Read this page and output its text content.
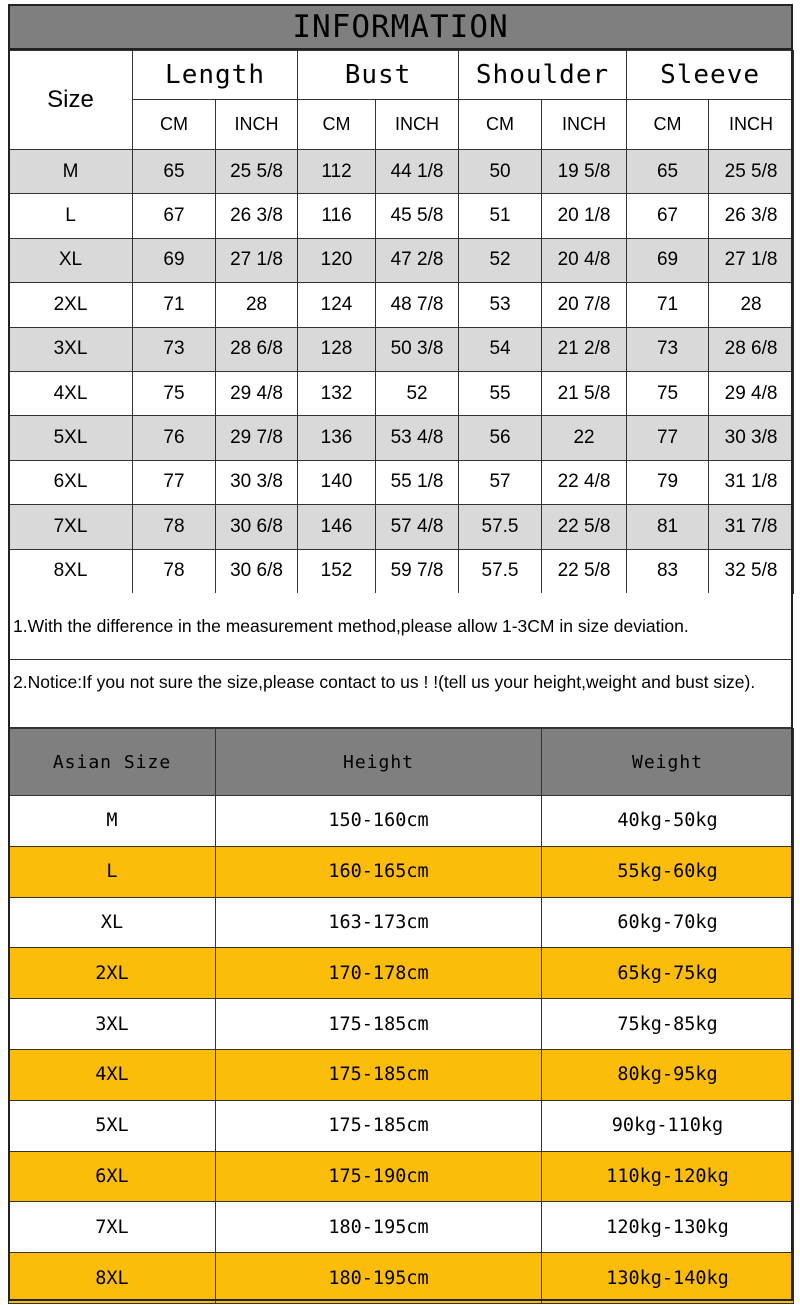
INFORMATION
Size	Length		Bust		Shoulder		Sleeve	
	CM	INCH	CM	INCH	CM	INCH	CM	INCH
M	65	25 5/8	112	44 1/8	50	19 5/8	65	25 5/8
L	67	26 3/8	116	45 5/8	51	20 1/8	67	26 3/8
XL	69	27 1/8	120	47 2/8	52	20 4/8	69	27 1/8
2XL	71	28	124	48 7/8	53	20 7/8	71	28
3XL	73	28 6/8	128	50 3/8	54	21 2/8	73	28 6/8
4XL	75	29 4/8	132	52	55	21 5/8	75	29 4/8
5XL	76	29 7/8	136	53 4/8	56	22	77	30 3/8
6XL	77	30 3/8	140	55 1/8	57	22 4/8	79	31 1/8
7XL	78	30 6/8	146	57 4/8	57.5	22 5/8	81	31 7/8
8XL	78	30 6/8	152	59 7/8	57.5	22 5/8	83	32 5/8
1.With the difference in the measurement method,please allow 1-3CM in size deviation.
2.Notice:If you not sure the size,please contact to us ! !(tell us your height,weight and bust size).
Asian Size	Height	Weight
M	150-160cm	40kg-50kg
L	160-165cm	55kg-60kg
XL	163-173cm	60kg-70kg
2XL	170-178cm	65kg-75kg
3XL	175-185cm	75kg-85kg
4XL	175-185cm	80kg-95kg
5XL	175-185cm	90kg-110kg
6XL	175-190cm	110kg-120kg
7XL	180-195cm	120kg-130kg
8XL	180-195cm	130kg-140kg
